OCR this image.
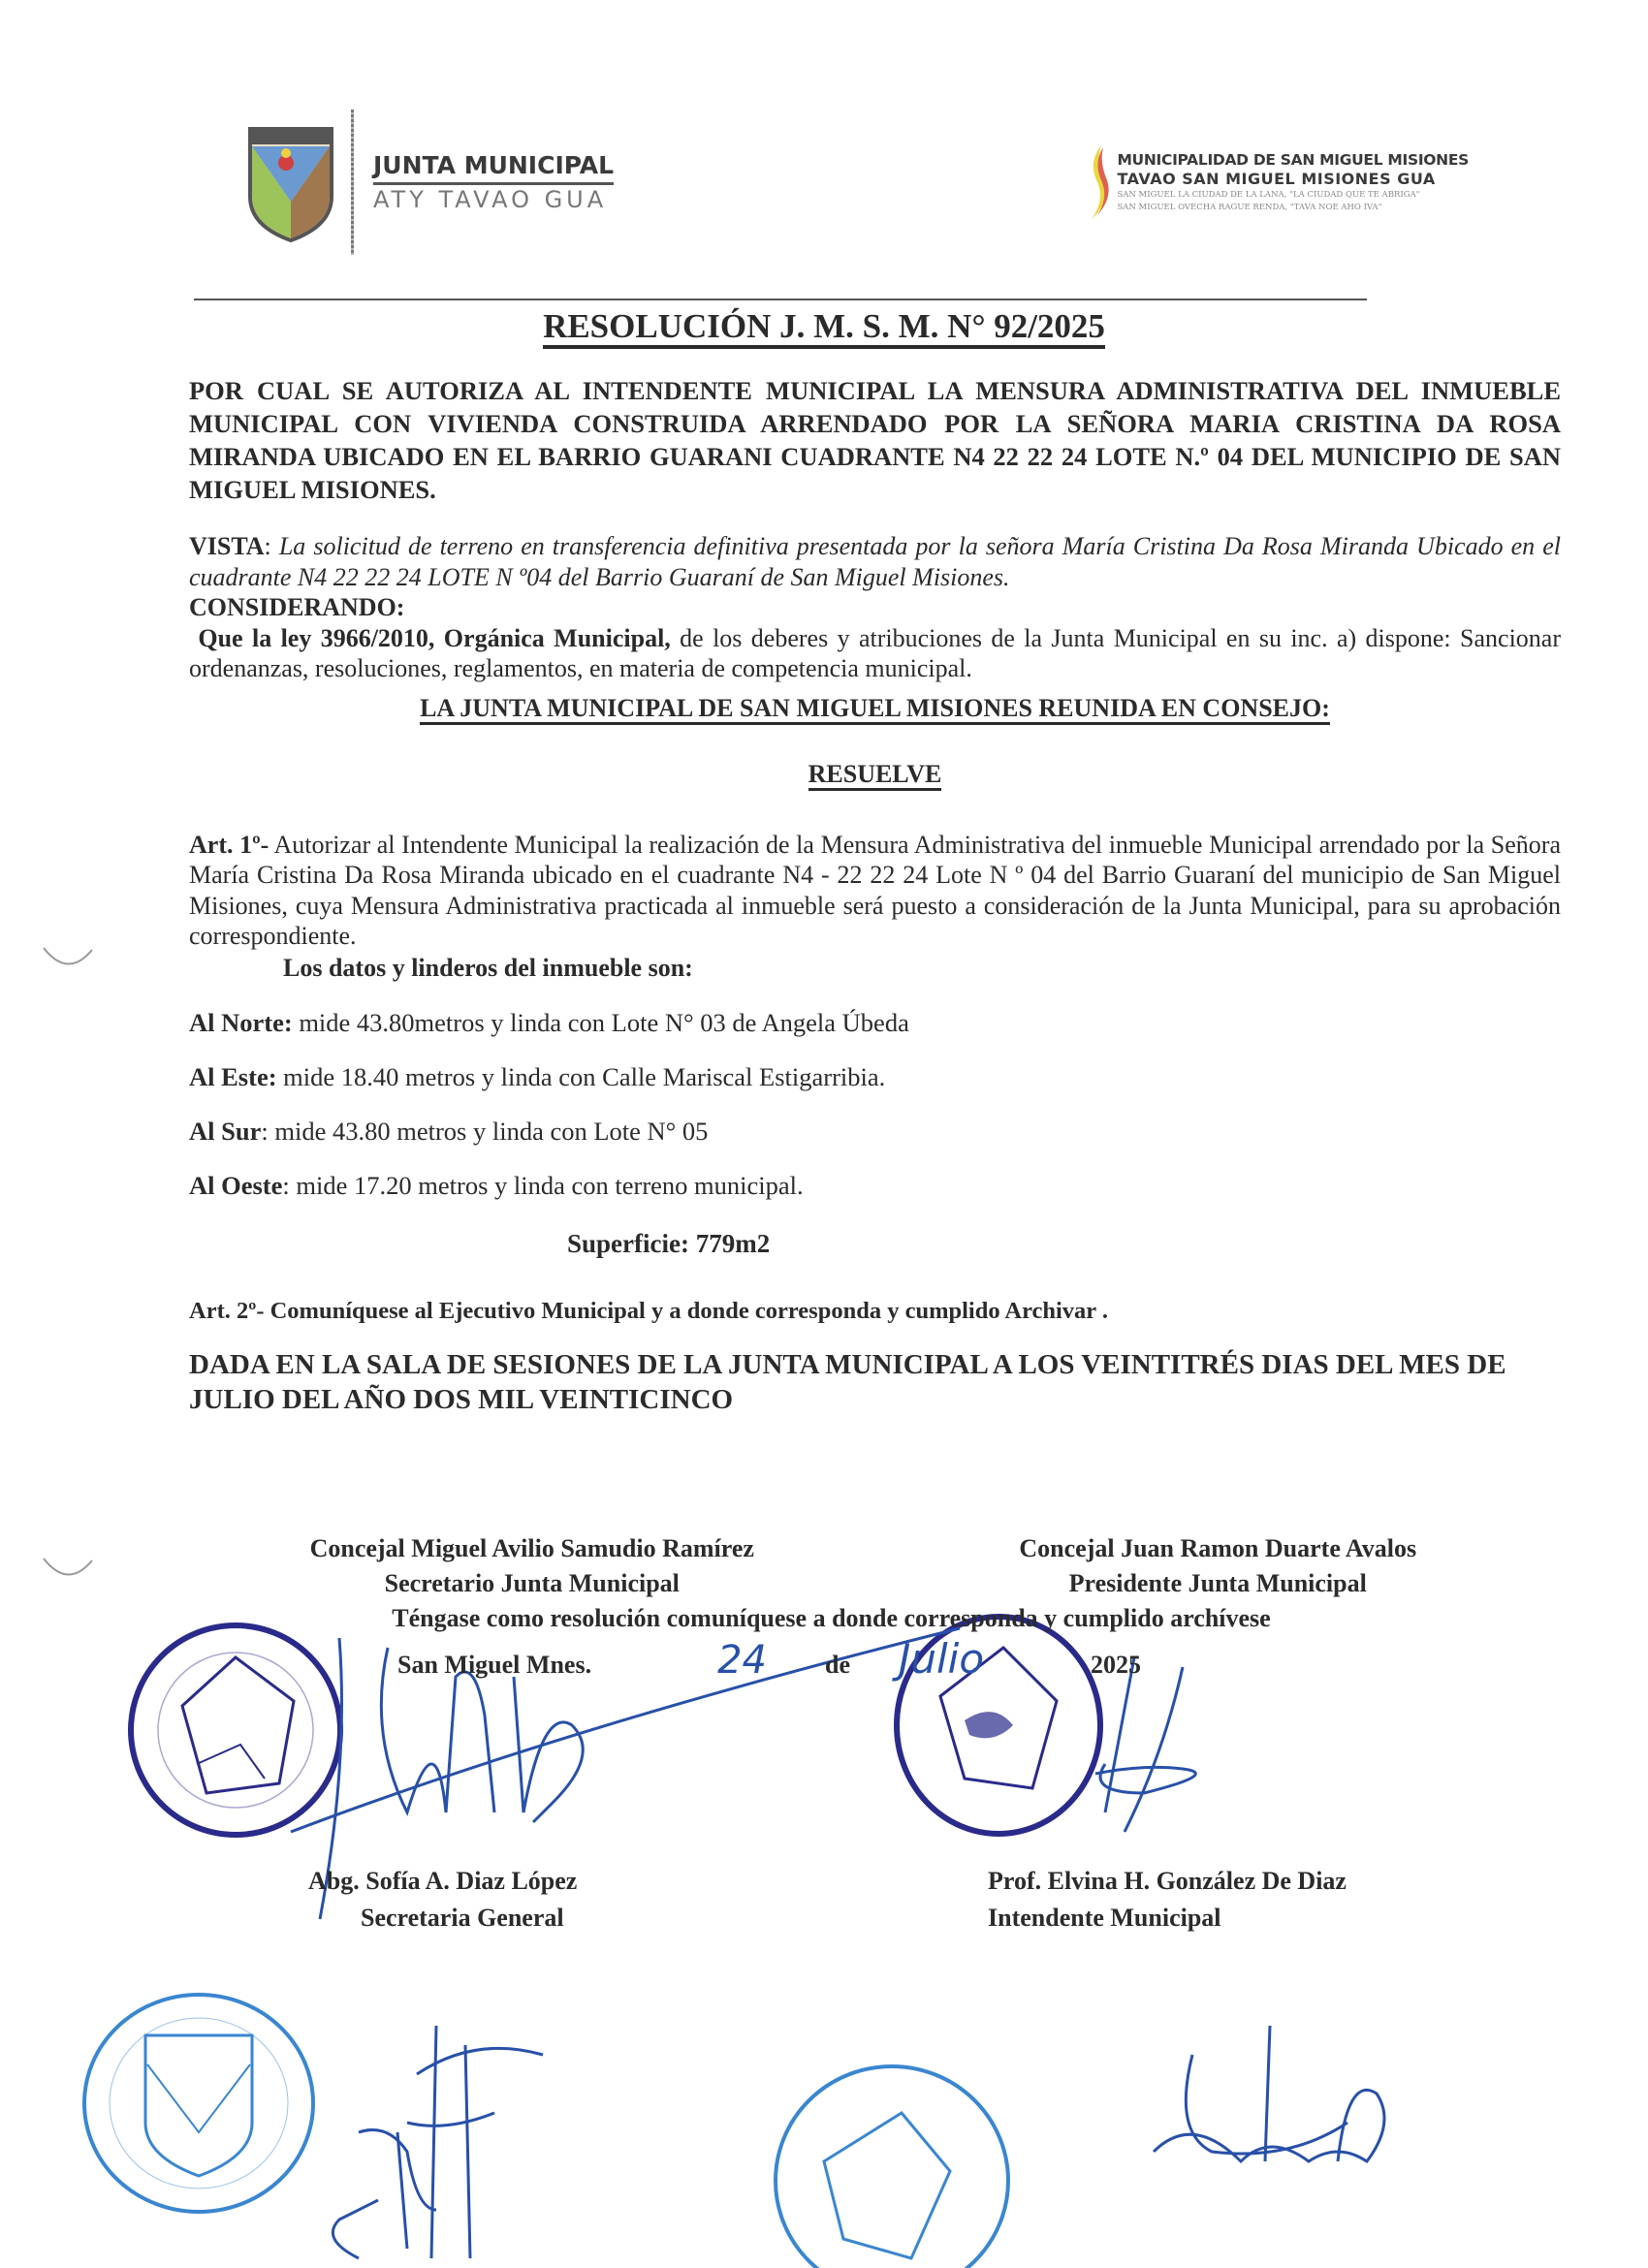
JUNTA MUNICIPAL
ATY TAVAO GUA
MUNICIPALIDAD DE SAN MIGUEL MISIONES
TAVAO SAN MIGUEL MISIONES GUA
SAN MIGUEL LA CIUDAD DE LA LANA, "LA CIUDAD QUE TE ABRIGA"
SAN MIGUEL OVECHA RAGUE RENDA, "TAVA NOE AHO IVA"
RESOLUCIÓN J. M. S. M. N° 92/2025
POR CUAL SE AUTORIZA AL INTENDENTE MUNICIPAL LA MENSURA ADMINISTRATIVA DEL INMUEBLE MUNICIPAL CON VIVIENDA CONSTRUIDA ARRENDADO POR LA SEÑORA MARIA CRISTINA DA ROSA MIRANDA UBICADO EN EL BARRIO GUARANI CUADRANTE N4 22 22 24 LOTE N.º 04 DEL MUNICIPIO DE SAN MIGUEL MISIONES.
VISTA: La solicitud de terreno en transferencia definitiva presentada por la señora María Cristina Da Rosa Miranda Ubicado en el cuadrante N4 22 22 24 LOTE N º04 del Barrio Guaraní de San Miguel Misiones.
CONSIDERANDO:
Que la ley 3966/2010, Orgánica Municipal, de los deberes y atribuciones de la Junta Municipal en su inc. a) dispone: Sancionar ordenanzas, resoluciones, reglamentos, en materia de competencia municipal.
LA JUNTA MUNICIPAL DE SAN MIGUEL MISIONES REUNIDA EN CONSEJO:
RESUELVE
Art. 1º- Autorizar al Intendente Municipal la realización de la Mensura Administrativa del inmueble Municipal arrendado por la Señora María Cristina Da Rosa Miranda ubicado en el cuadrante N4 - 22 22 24 Lote N º 04 del Barrio Guaraní del municipio de San Miguel Misiones, cuya Mensura Administrativa practicada al inmueble será puesto a consideración de la Junta Municipal, para su aprobación correspondiente.
Los datos y linderos del inmueble son:
Al Norte: mide 43.80metros y linda con Lote N° 03 de Angela Úbeda
Al Este: mide 18.40 metros y linda con Calle Mariscal Estigarribia.
Al Sur: mide 43.80 metros y linda con Lote N° 05
Al Oeste: mide 17.20 metros y linda con terreno municipal.
Superficie: 779m2
Art. 2º- Comuníquese al Ejecutivo Municipal y a donde corresponda y cumplido Archivar .
DADA EN LA SALA DE SESIONES DE LA JUNTA MUNICIPAL A LOS VEINTITRÉS DIAS DEL MES DE JULIO DEL AÑO DOS MIL VEINTICINCO
Concejal Miguel Avilio Samudio Ramírez
Secretario Junta Municipal
Concejal Juan Ramon Duarte Avalos
Presidente Junta Municipal
Téngase como resolución comuníquese a donde corresponda y cumplido archívese
San Miguel Mnes.	24 de Julio	2025
Abg. Sofía A. Diaz López
Secretaria General
Prof. Elvina H. González De Diaz
Intendente Municipal
